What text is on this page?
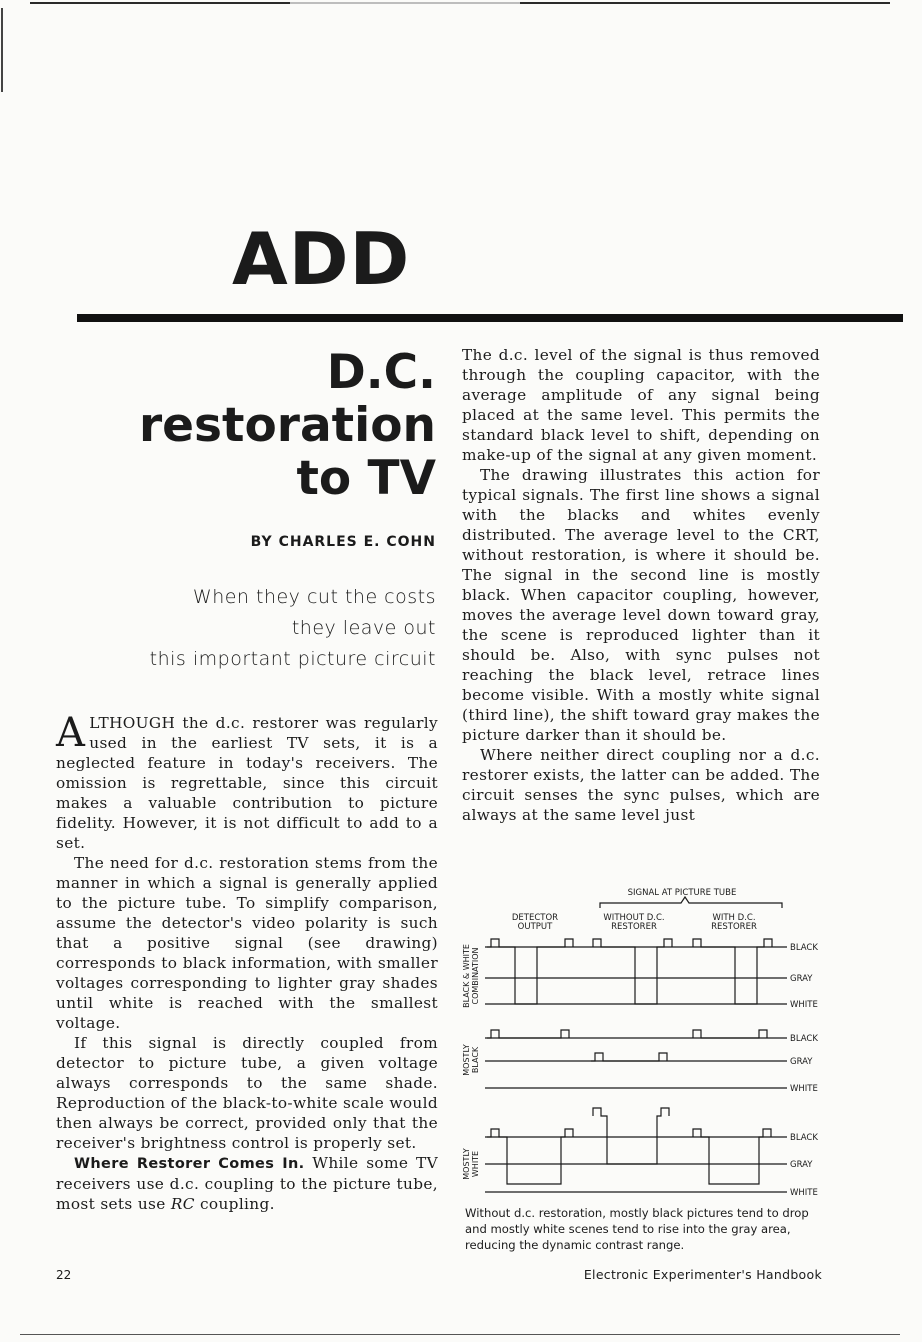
ADD
D.C.
restoration
to TV
BY CHARLES E. COHN
When they cut the costs
they leave out
this important picture circuit

ALTHOUGH the d.c. restorer was regularly used in the earliest TV sets, it is a neglected feature in today's receivers. The omission is regrettable, since this circuit makes a valuable contribution to picture fidelity. However, it is not difficult to add to a set.

The need for d.c. restoration stems from the manner in which a signal is generally applied to the picture tube. To simplify comparison, assume the detector's video polarity is such that a positive signal (see drawing) corresponds to black information, with smaller voltages corresponding to lighter gray shades until white is reached with the smallest voltage.

If this signal is directly coupled from detector to picture tube, a given voltage always corresponds to the same shade. Reproduction of the black-to-white scale would then always be correct, provided only that the receiver's brightness control is properly set.

Where Restorer Comes In. While some TV receivers use d.c. coupling to the picture tube, most sets use RC coupling.

The d.c. level of the signal is thus removed through the coupling capacitor, with the average amplitude of any signal being placed at the same level. This permits the standard black level to shift, depending on make-up of the signal at any given moment.

The drawing illustrates this action for typical signals. The first line shows a signal with the blacks and whites evenly distributed. The average level to the CRT, without restoration, is where it should be. The signal in the second line is mostly black. When capacitor coupling, however, moves the average level down toward gray, the scene is reproduced lighter than it should be. Also, with sync pulses not reaching the black level, retrace lines become visible. With a mostly white signal (third line), the shift toward gray makes the picture darker than it should be.

Where neither direct coupling nor a d.c. restorer exists, the latter can be added. The circuit senses the sync pulses, which are always at the same level just

SIGNAL AT PICTURE TUBE
DETECTOR
OUTPUT
WITHOUT D.C.
RESTORER
WITH D.C.
RESTORER
BLACK & WHITE COMBINATION
MOSTLY BLACK
MOSTLY WHITE
BLACK
GRAY
WHITE
BLACK
GRAY
WHITE
BLACK
GRAY
WHITE
Without d.c. restoration, mostly black pictures tend to drop and mostly white scenes tend to rise into the gray area, reducing the dynamic contrast range.
22	Electronic Experimenter's Handbook
